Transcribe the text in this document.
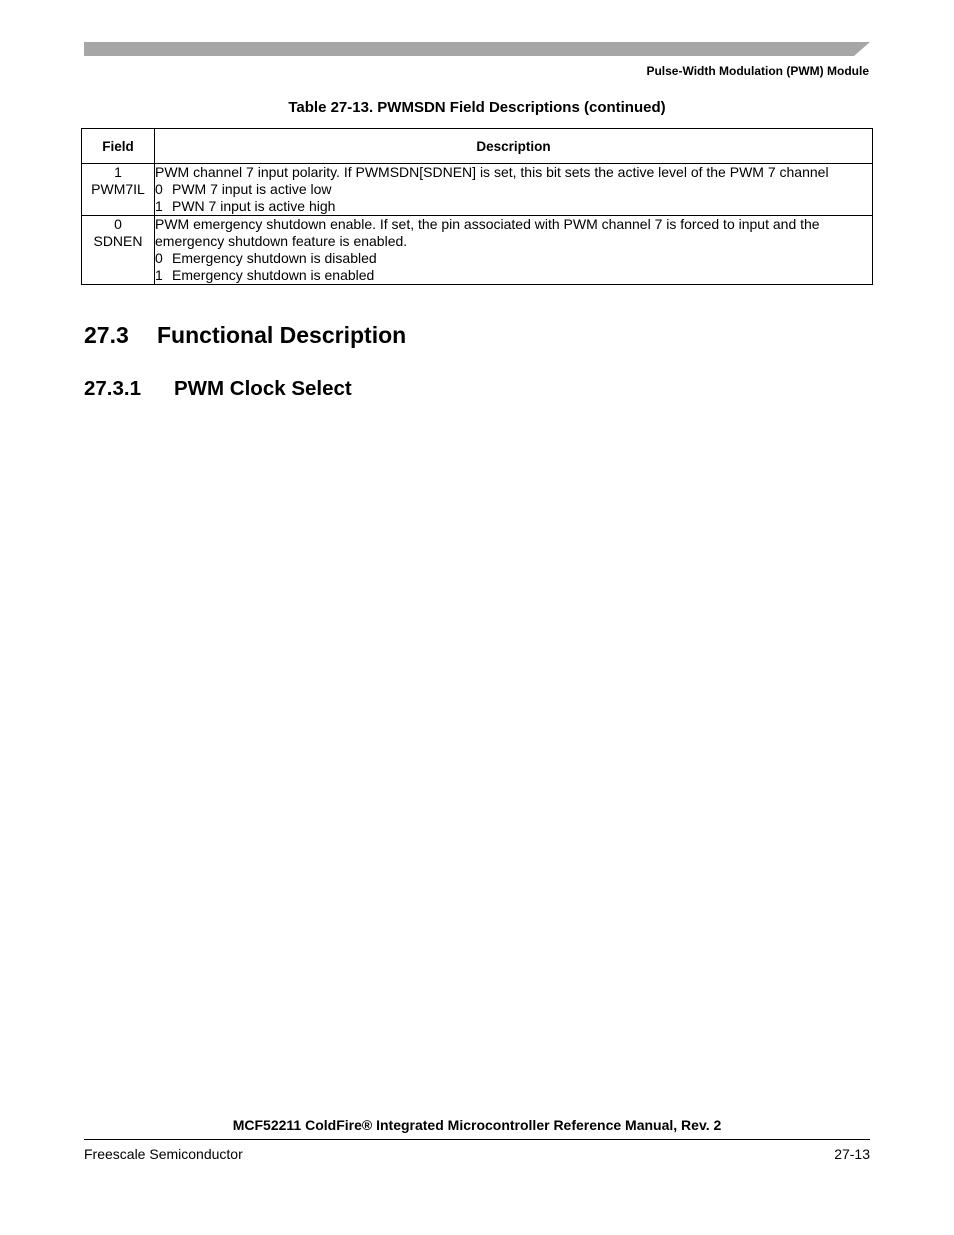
Pulse-Width Modulation (PWM) Module
Table 27-13. PWMSDN Field Descriptions (continued)
Field	Description

1
PWM7IL	PWM channel 7 input polarity. If PWMSDN[SDNEN] is set, this bit sets the active level of the PWM 7 channel
0 PWM 7 input is active low
1 PWN 7 input is active high

0
SDNEN	PWM emergency shutdown enable. If set, the pin associated with PWM channel 7 is forced to input and the
emergency shutdown feature is enabled.
0 Emergency shutdown is disabled
1 Emergency shutdown is enabled
27.3 Functional Description
27.3.1 PWM Clock Select
MCF52211 ColdFire® Integrated Microcontroller Reference Manual, Rev. 2
Freescale Semiconductor	27-13
